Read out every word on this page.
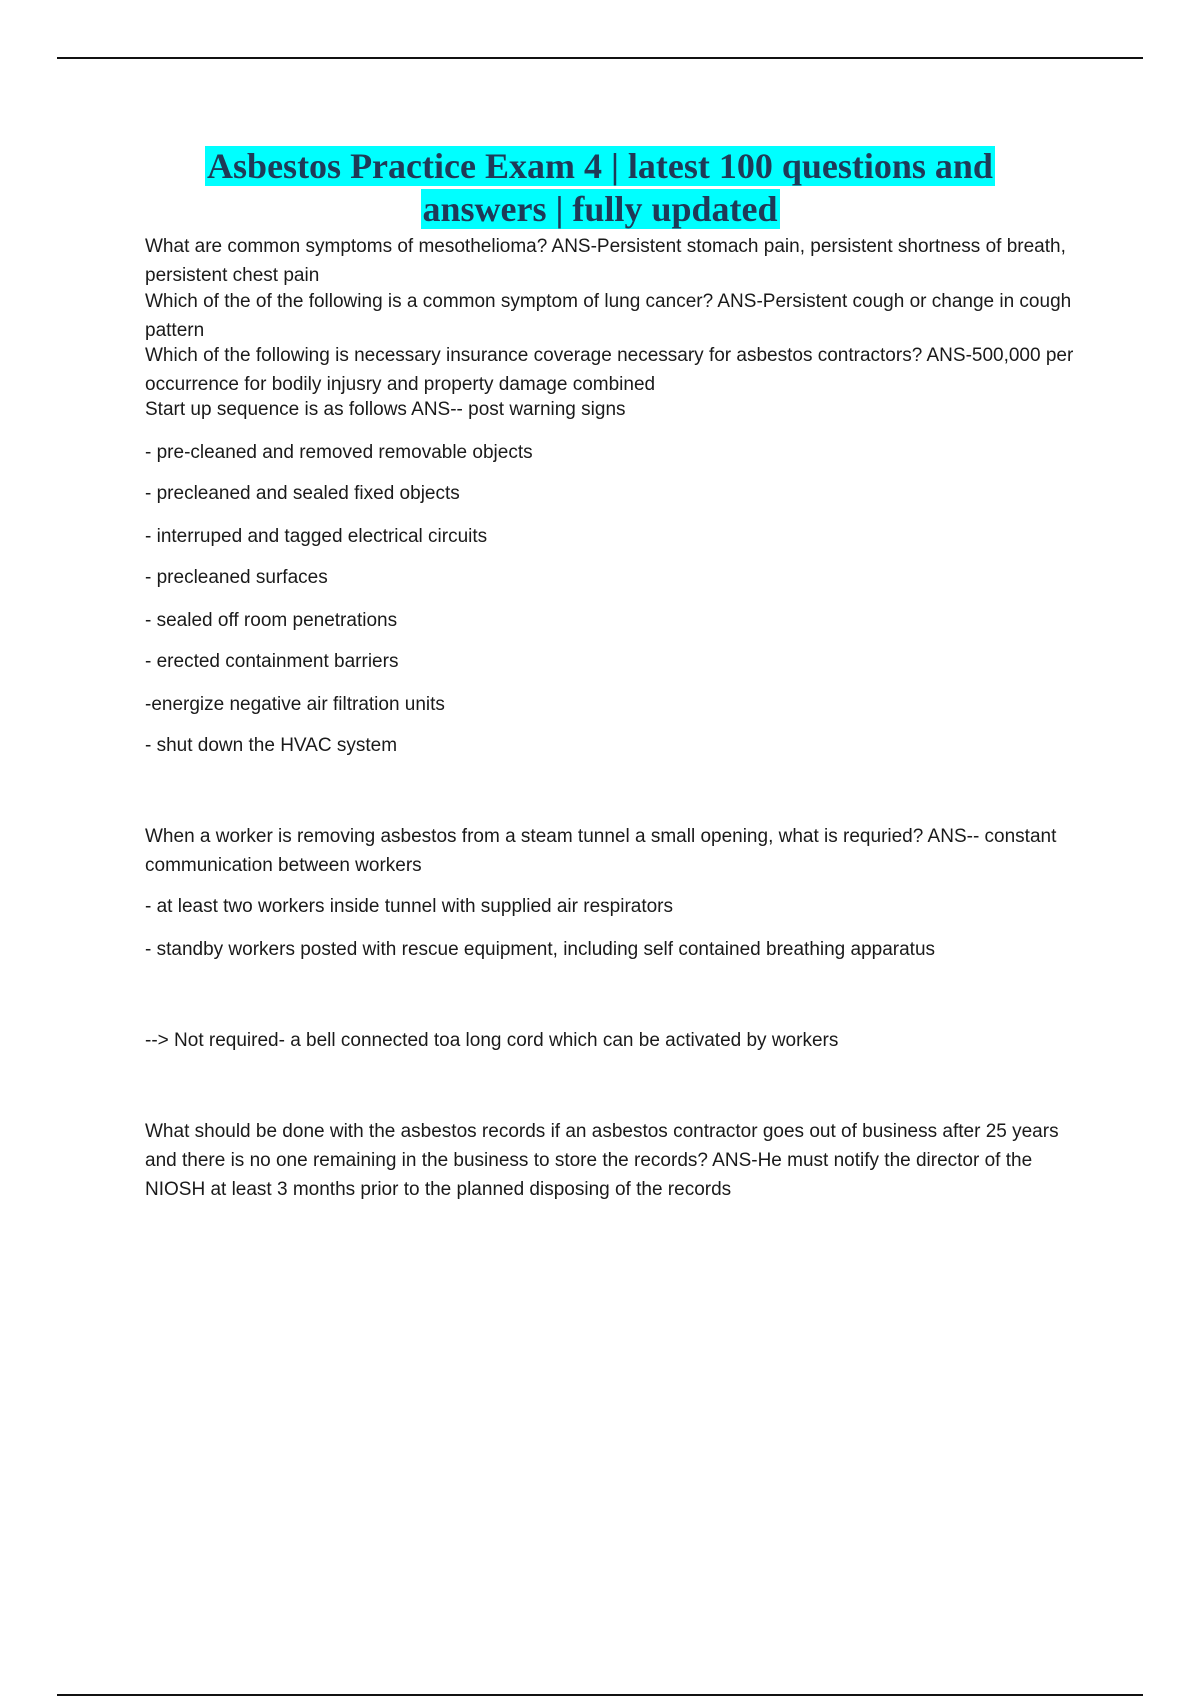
Asbestos Practice Exam 4 | latest 100 questions and
answers | fully updated

What are common symptoms of mesothelioma? ANS-Persistent stomach pain, persistent shortness of breath, persistent chest pain

Which of the of the following is a common symptom of lung cancer? ANS-Persistent cough or change in cough pattern

Which of the following is necessary insurance coverage necessary for asbestos contractors? ANS-500,000 per occurrence for bodily injusry and property damage combined

Start up sequence is as follows ANS-- post warning signs

- pre-cleaned and removed removable objects

- precleaned and sealed fixed objects

- interruped and tagged electrical circuits

- precleaned surfaces

- sealed off room penetrations

- erected containment barriers

-energize negative air filtration units

- shut down the HVAC system

When a worker is removing asbestos from a steam tunnel a small opening, what is requried? ANS-- constant communication between workers

- at least two workers inside tunnel with supplied air respirators

- standby workers posted with rescue equipment, including self contained breathing apparatus

--> Not required- a bell connected toa long cord which can be activated by workers

What should be done with the asbestos records if an asbestos contractor goes out of business after 25 years and there is no one remaining in the business to store the records? ANS-He must notify the director of the NIOSH at least 3 months prior to the planned disposing of the records
